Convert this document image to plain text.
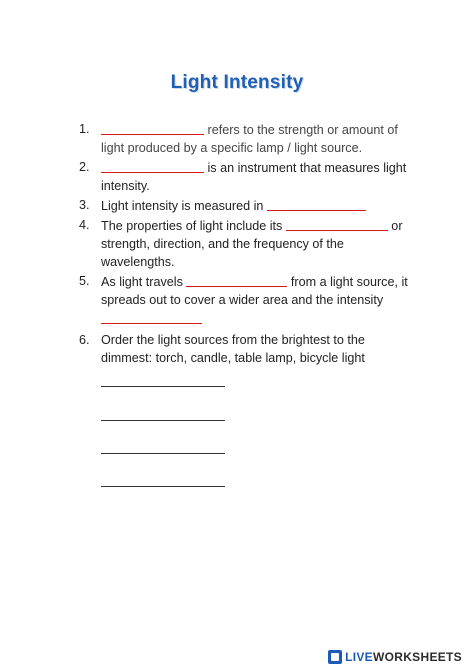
Light Intensity
1.	refers to the strength or amount of light produced by a specific lamp / light source.
2.	is an instrument that measures light intensity.
3. Light intensity is measured in
4. The properties of light include its	or strength, direction, and the frequency of the wavelengths.
5. As light travels	from a light source, it spreads out to cover a wider area and the intensity

6. Order the light sources from the brightest to the dimmest: torch, candle, table lamp, bicycle light
LIVE WORKSHEETS
